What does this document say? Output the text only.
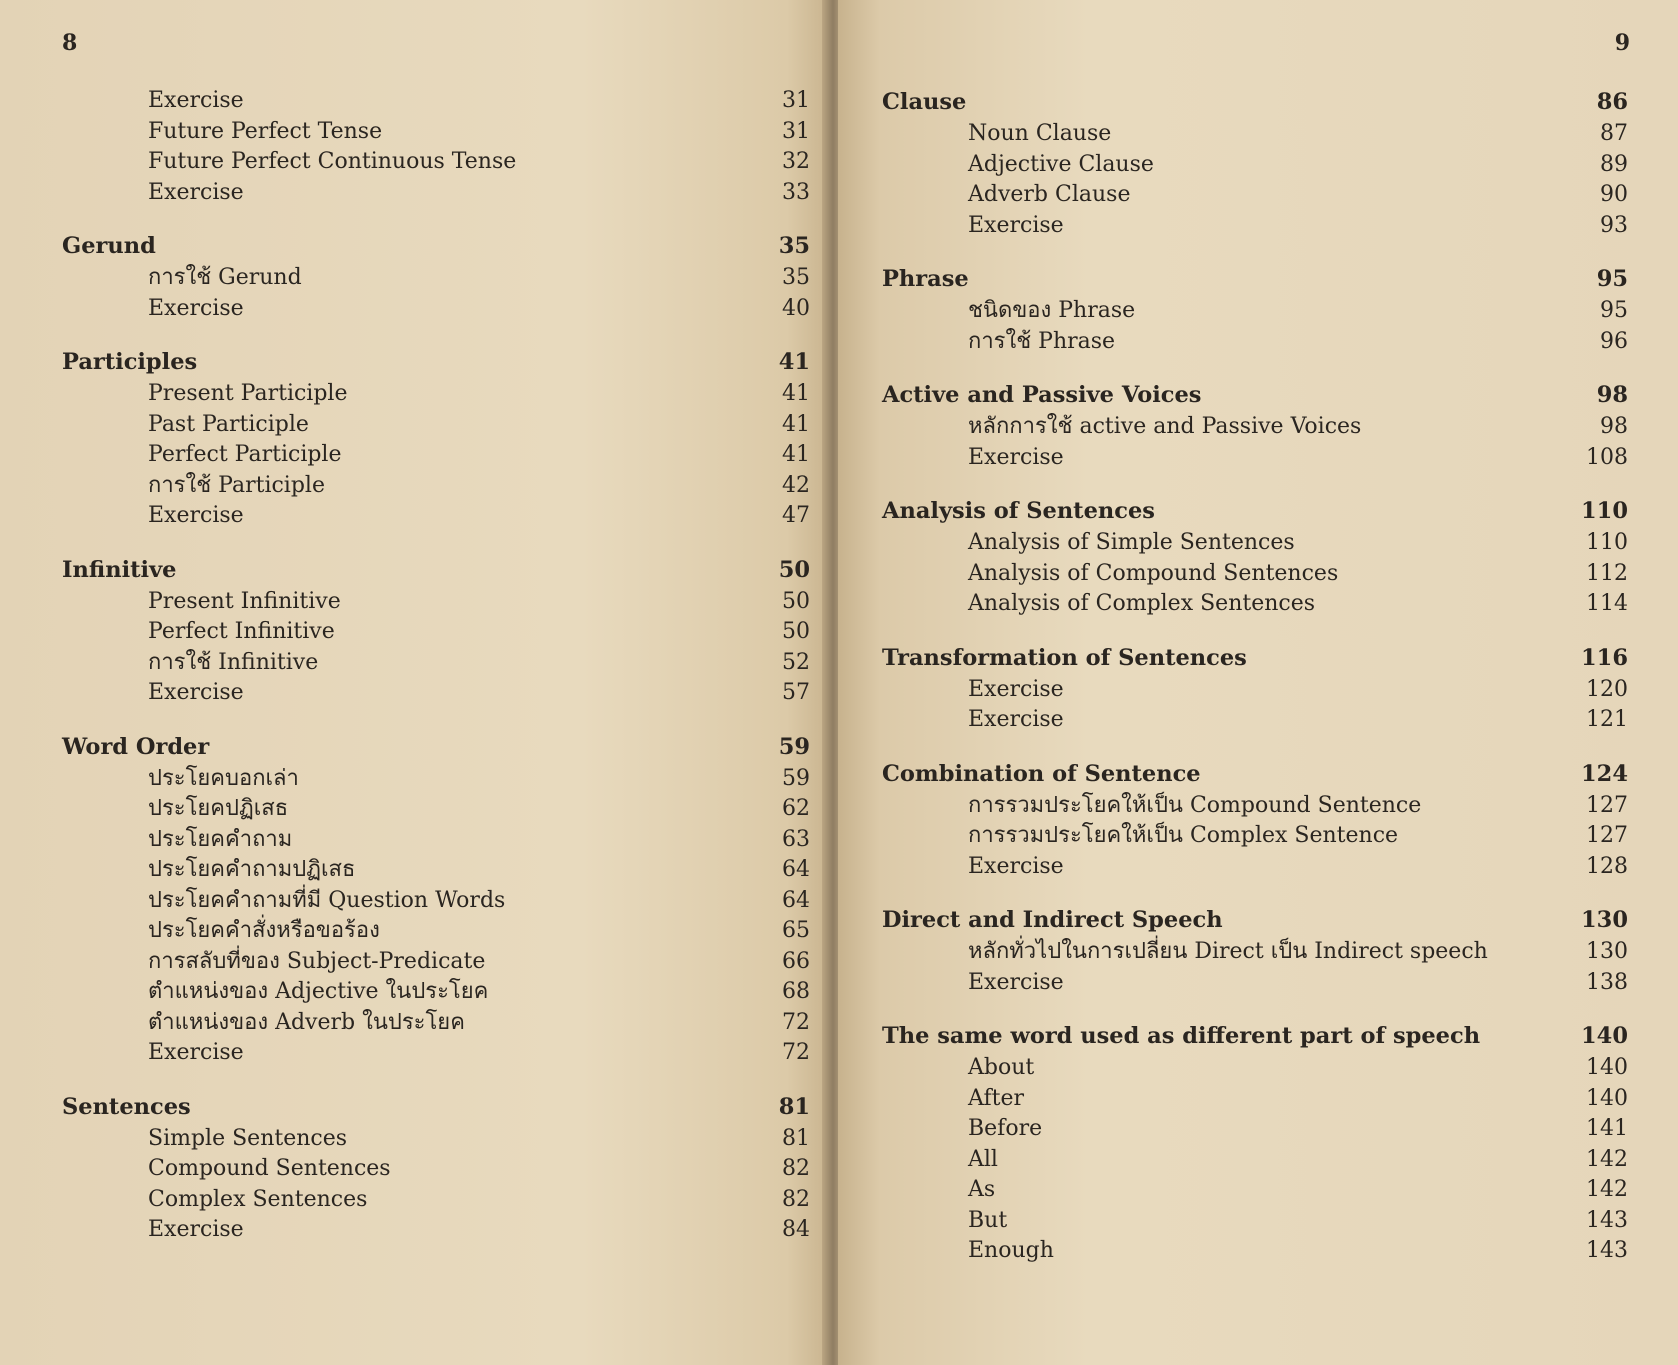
8
Exercise	31
Future Perfect Tense	31
Future Perfect Continuous Tense	32
Exercise	33
Gerund	35
การใช้ Gerund	35
Exercise	40
Participles	41
Present Participle	41
Past Participle	41
Perfect Participle	41
การใช้ Participle	42
Exercise	47
Infinitive	50
Present Infinitive	50
Perfect Infinitive	50
การใช้ Infinitive	52
Exercise	57
Word Order	59
ประโยคบอกเล่า	59
ประโยคปฏิเสธ	62
ประโยคคำถาม	63
ประโยคคำถามปฏิเสธ	64
ประโยคคำถามที่มี Question Words	64
ประโยคคำสั่งหรือขอร้อง	65
การสลับที่ของ Subject-Predicate	66
ตำแหน่งของ Adjective ในประโยค	68
ตำแหน่งของ Adverb ในประโยค	72
Exercise	72
Sentences	81
Simple Sentences	81
Compound Sentences	82
Complex Sentences	82
Exercise	84
9
Clause	86
Noun Clause	87
Adjective Clause	89
Adverb Clause	90
Exercise	93
Phrase	95
ชนิดของ Phrase	95
การใช้ Phrase	96
Active and Passive Voices	98
หลักการใช้ active and Passive Voices	98
Exercise	108
Analysis of Sentences	110
Analysis of Simple Sentences	110
Analysis of Compound Sentences	112
Analysis of Complex Sentences	114
Transformation of Sentences	116
Exercise	120
Exercise	121
Combination of Sentence	124
การรวมประโยคให้เป็น Compound Sentence	127
การรวมประโยคให้เป็น Complex Sentence	127
Exercise	128
Direct and Indirect Speech	130
หลักทั่วไปในการเปลี่ยน Direct เป็น Indirect speech	130
Exercise	138
The same word used as different part of speech	140
About	140
After	140
Before	141
All	142
As	142
But	143
Enough	143
